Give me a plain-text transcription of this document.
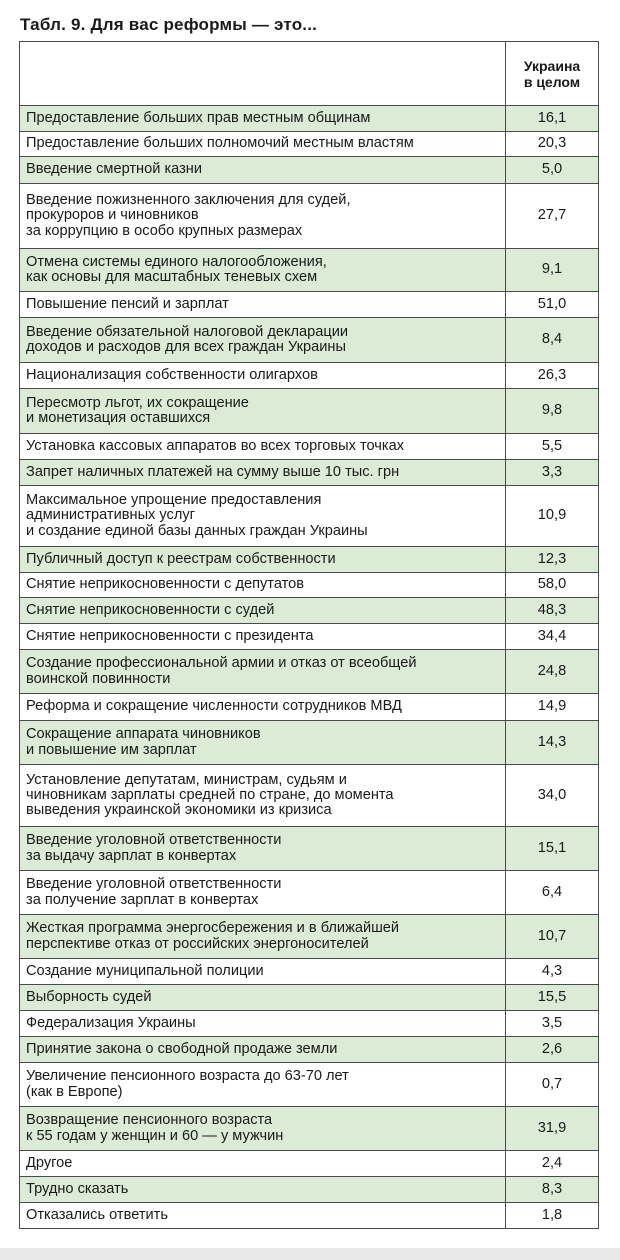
Табл. 9. Для вас реформы — это...
	Украина
в целом
Предоставление больших прав местным общинам	16,1
Предоставление больших полномочий местным властям	20,3
Введение смертной казни	5,0
Введение пожизненного заключения для судей,
прокуроров и чиновников
за коррупцию в особо крупных размерах	27,7
Отмена системы единого налогообложения,
как основы для масштабных теневых схем	9,1
Повышение пенсий и зарплат	51,0
Введение обязательной налоговой декларации
доходов и расходов для всех граждан Украины	8,4
Национализация собственности олигархов	26,3
Пересмотр льгот, их сокращение
и монетизация оставшихся	9,8
Установка кассовых аппаратов во всех торговых точках	5,5
Запрет наличных платежей на сумму выше 10 тыс. грн	3,3
Максимальное упрощение предоставления
административных услуг
и создание единой базы данных граждан Украины	10,9
Публичный доступ к реестрам собственности	12,3
Снятие неприкосновенности с депутатов	58,0
Снятие неприкосновенности с судей	48,3
Снятие неприкосновенности с президента	34,4
Создание профессиональной армии и отказ от всеобщей
воинской повинности	24,8
Реформа и сокращение численности сотрудников МВД	14,9
Сокращение аппарата чиновников
и повышение им зарплат	14,3
Установление депутатам, министрам, судьям и
чиновникам зарплаты средней по стране, до момента
выведения украинской экономики из кризиса	34,0
Введение уголовной ответственности
за выдачу зарплат в конвертах	15,1
Введение уголовной ответственности
за получение зарплат в конвертах	6,4
Жесткая программа энергосбережения и в ближайшей
перспективе отказ от российских энергоносителей	10,7
Создание муниципальной полиции	4,3
Выборность судей	15,5
Федерализация Украины	3,5
Принятие закона о свободной продаже земли	2,6
Увеличение пенсионного возраста до 63-70 лет
(как в Европе)	0,7
Возвращение пенсионного возраста
к 55 годам у женщин и 60 — у мужчин	31,9
Другое	2,4
Трудно сказать	8,3
Отказались ответить	1,8
